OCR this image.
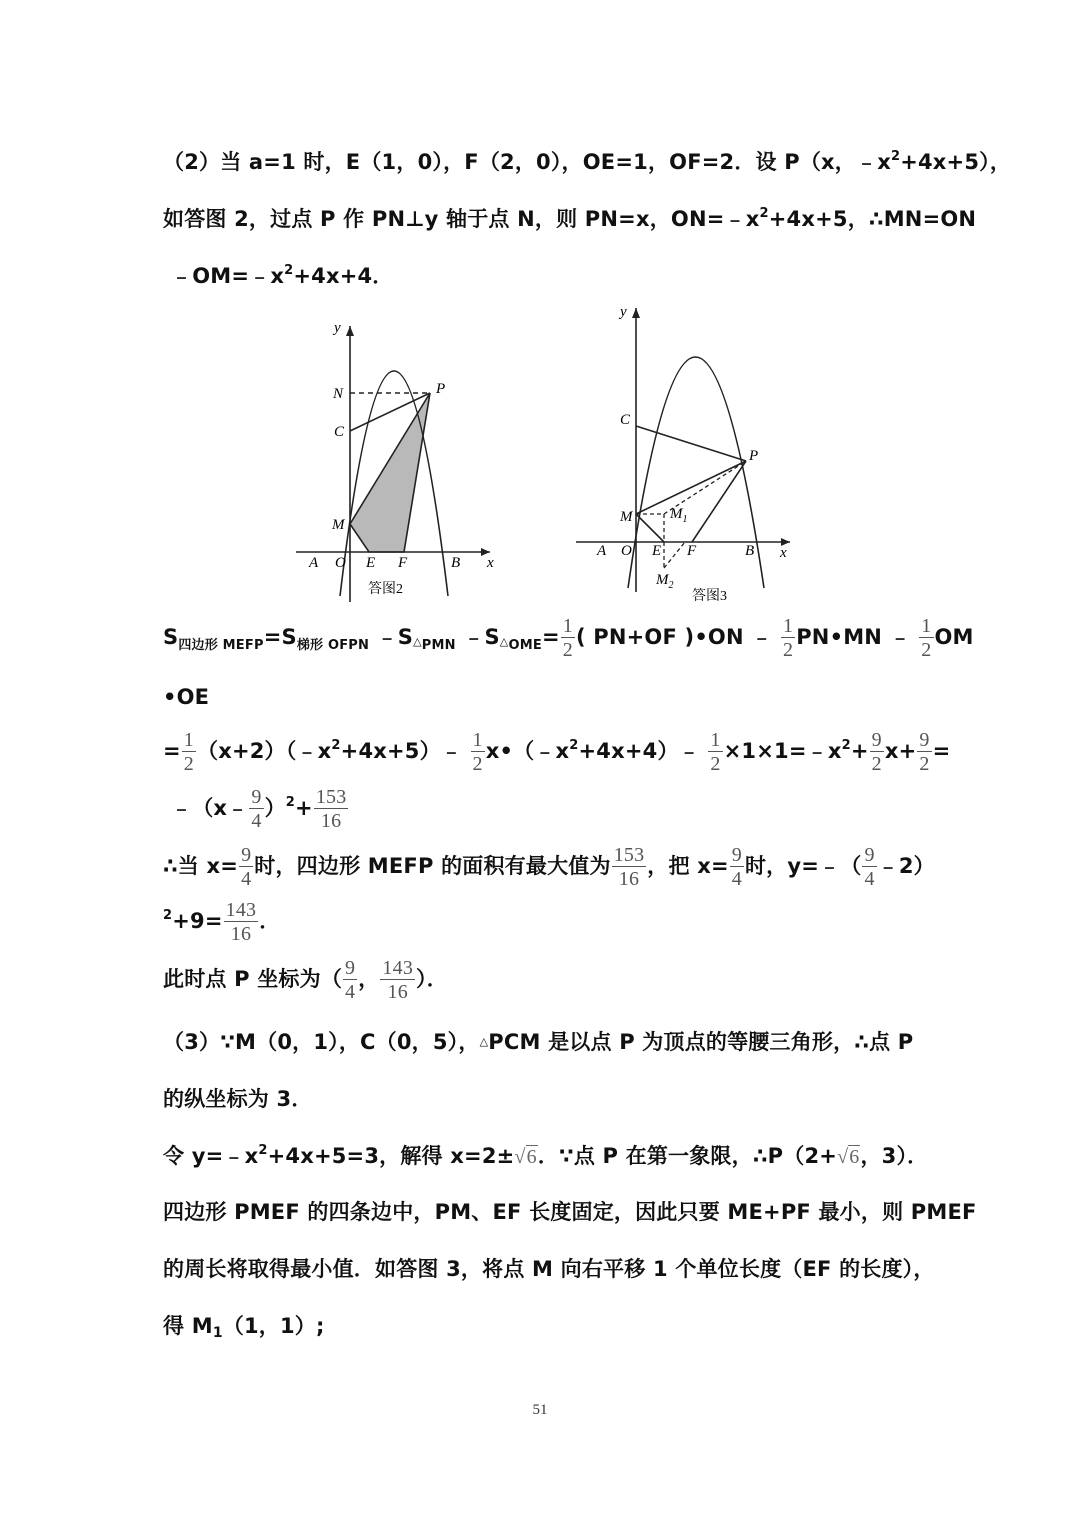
（2）当 a=1 时，E（1，0），F（2，0），OE=1，OF=2．设 P（x，$﹣x^2+4x+5$），
如答图 2，过点 P 作 PN⊥y 轴于点 N，则 PN=x，$ON=﹣x^2+4x+5$，∴MN=ON
$﹣OM=﹣x^2+4x+4$．
y
x
N
C
P
M
A O E F	B
答图2
y
x
C
P
M	$M_1$
$M_2$
A O E F	B
答图3
$S_{四边形 MEFP}=S_{梯形 OFPN}$ $﹣S_{^\triangle PMN}$ $﹣S_{^\triangle OME}= \frac{1}{2}$ ( PN+OF )•ON ﹣ $\frac{1}{2}$ PN•MN ﹣ $\frac{1}{2}$ OM
•OE
= $\frac{1}{2}$ $(x+2)(﹣x^2+4x+5)﹣ \frac{1}{2}$ $x•(﹣x^2+4x+4)﹣ \frac{1}{2}$ $\times 1\times 1=﹣x^2+ \frac{9}{2} x+ \frac{9}{2}$ =
﹣（x﹣ $\frac{9}{4} )^2+ \frac{153}{16}$
∴当 $x= \frac{9}{4}$ 时，四边形 MEFP 的面积有最大值为 $\frac{153}{16}$ ，把 $x= \frac{9}{4}$ 时，y=﹣（ $\frac{9}{4}$ ﹣2）
$^2+9= \frac{143}{16}$ ．
此时点 P 坐标为（ $\frac{9}{4}$ ， $\frac{143}{16}$ ）．
（3）∵M（0，1），C（0，5），△PCM 是以点 P 为顶点的等腰三角形，∴点 P
的纵坐标为 3．
令 $y=﹣x^2+4x+5=3$，解得 x=2±√6．∵点 P 在第一象限，∴P（2+√6，3）．
四边形 PMEF 的四条边中，PM、EF 长度固定，因此只要 ME+PF 最小，则 PMEF
的周长将取得最小值．如答图 3，将点 M 向右平移 1 个单位长度（EF 的长度），
得 $M_1(1$，1）;
51
